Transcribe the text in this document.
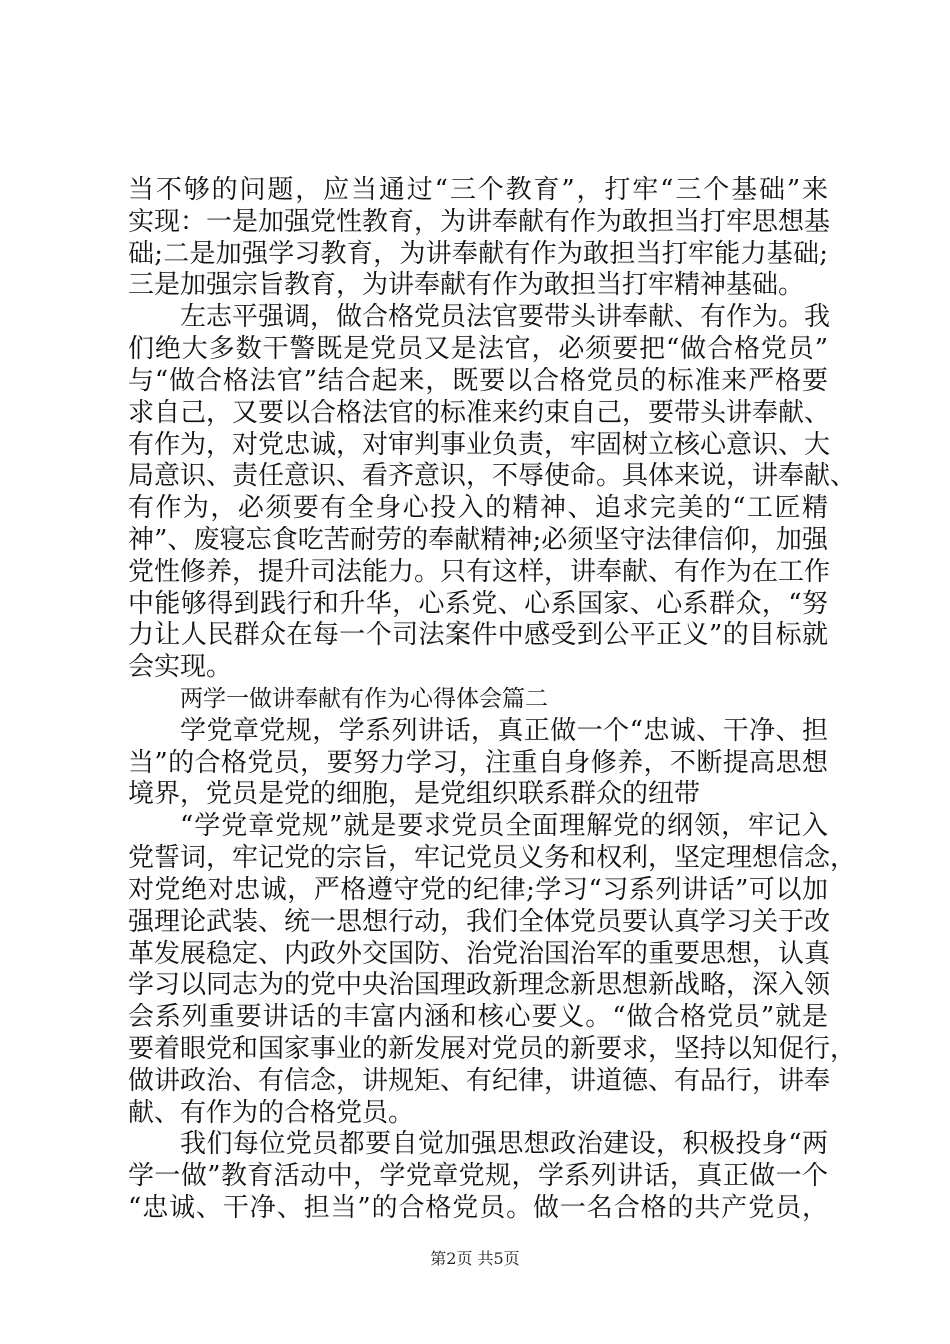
当不够的问题，应当通过“三个教育”，打牢“三个基础”来
实现：一是加强党性教育，为讲奉献有作为敢担当打牢思想基
础;二是加强学习教育，为讲奉献有作为敢担当打牢能力基础;
三是加强宗旨教育，为讲奉献有作为敢担当打牢精神基础。
左志平强调，做合格党员法官要带头讲奉献、有作为。我
们绝大多数干警既是党员又是法官，必须要把“做合格党员”
与“做合格法官”结合起来，既要以合格党员的标准来严格要
求自己，又要以合格法官的标准来约束自己，要带头讲奉献、
有作为，对党忠诚，对审判事业负责，牢固树立核心意识、大
局意识、责任意识、看齐意识，不辱使命。具体来说，讲奉献、
有作为，必须要有全身心投入的精神、追求完美的“工匠精
神”、废寝忘食吃苦耐劳的奉献精神;必须坚守法律信仰，加强
党性修养，提升司法能力。只有这样，讲奉献、有作为在工作
中能够得到践行和升华，心系党、心系国家、心系群众，“努
力让人民群众在每一个司法案件中感受到公平正义”的目标就
会实现。
两学一做讲奉献有作为心得体会篇二
学党章党规，学系列讲话，真正做一个“忠诚、干净、担
当”的合格党员，要努力学习，注重自身修养，不断提高思想
境界，党员是党的细胞，是党组织联系群众的纽带
“学党章党规”就是要求党员全面理解党的纲领，牢记入
党誓词，牢记党的宗旨，牢记党员义务和权利，坚定理想信念，
对党绝对忠诚，严格遵守党的纪律;学习“习系列讲话”可以加
强理论武装、统一思想行动，我们全体党员要认真学习关于改
革发展稳定、内政外交国防、治党治国治军的重要思想，认真
学习以同志为的党中央治国理政新理念新思想新战略，深入领
会系列重要讲话的丰富内涵和核心要义。“做合格党员”就是
要着眼党和国家事业的新发展对党员的新要求，坚持以知促行，
做讲政治、有信念，讲规矩、有纪律，讲道德、有品行，讲奉
献、有作为的合格党员。
我们每位党员都要自觉加强思想政治建设，积极投身“两
学一做”教育活动中，学党章党规，学系列讲话，真正做一个
“忠诚、干净、担当”的合格党员。做一名合格的共产党员，
第2页 共5页
